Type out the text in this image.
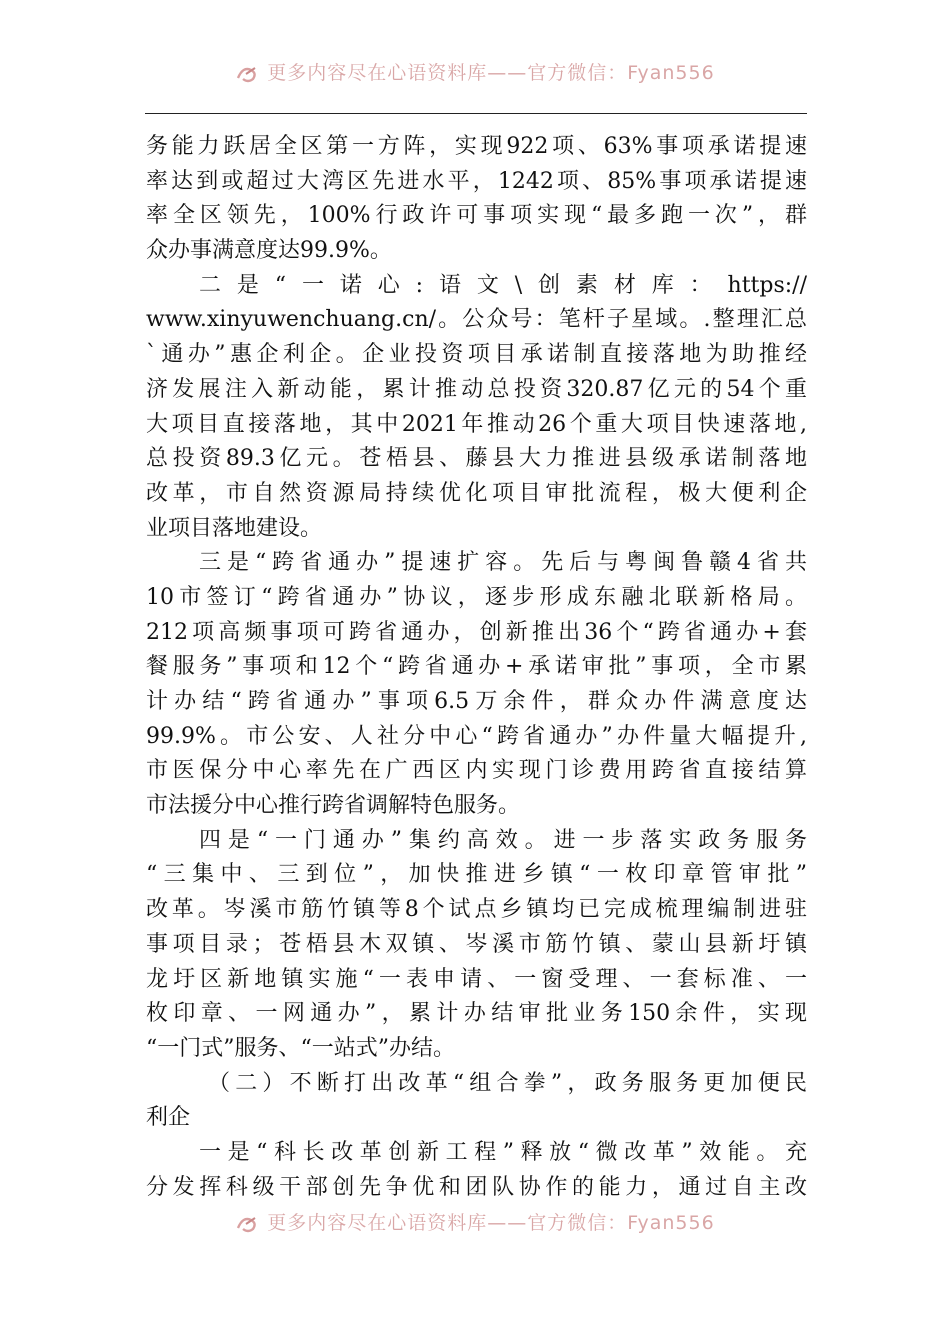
更多内容尽在心语资料库——官方微信：Fyan556
务能力跃居全区第一方阵，实现922项、63%事项承诺提速
率达到或超过大湾区先进水平，1242项、85%事项承诺提速
率全区领先，100%行政许可事项实现“最多跑一次”，群
众办事满意度达99.9%。
二是“一诺心:语文\创素材库：https://
www.xinyuwenchuang.cn/。公众号：笔杆子星域。.整理汇总
`通办”惠企利企。企业投资项目承诺制直接落地为助推经
济发展注入新动能，累计推动总投资320.87亿元的54个重
大项目直接落地，其中2021年推动26个重大项目快速落地,
总投资89.3亿元。苍梧县、藤县大力推进县级承诺制落地
改革，市自然资源局持续优化项目审批流程，极大便利企
业项目落地建设。
三是“跨省通办”提速扩容。先后与粤闽鲁赣4省共
10市签订“跨省通办”协议，逐步形成东融北联新格局。
212项高频事项可跨省通办，创新推出36个“跨省通办+套
餐服务”事项和12个“跨省通办+承诺审批”事项，全市累
计办结“跨省通办”事项6.5万余件，群众办件满意度达
99.9%。市公安、人社分中心“跨省通办”办件量大幅提升,
市医保分中心率先在广西区内实现门诊费用跨省直接结算
市法援分中心推行跨省调解特色服务。
四是“一门通办”集约高效。进一步落实政务服务
“三集中、三到位”，加快推进乡镇“一枚印章管审批”
改革。岑溪市筋竹镇等8个试点乡镇均已完成梳理编制进驻
事项目录；苍梧县木双镇、岑溪市筋竹镇、蒙山县新圩镇
龙圩区新地镇实施“一表申请、一窗受理、一套标准、一
枚印章、一网通办”，累计办结审批业务150余件，实现
“一门式”服务、“一站式”办结。
（二）不断打出改革“组合拳”，政务服务更加便民
利企
一是“科长改革创新工程”释放“微改革”效能。充
分发挥科级干部创先争优和团队协作的能力，通过自主改
更多内容尽在心语资料库——官方微信：Fyan556
